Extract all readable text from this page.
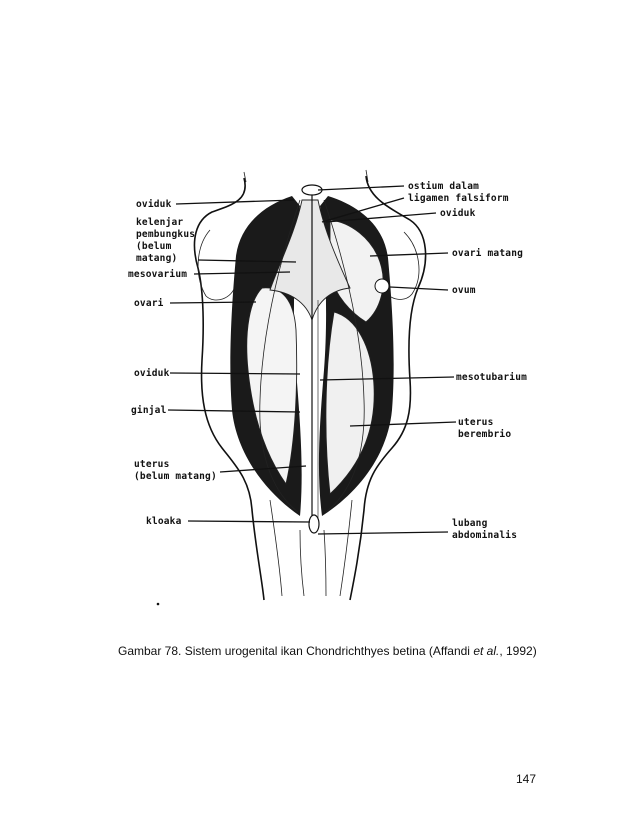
oviduk
kelenjar
pembungkus
(belum
matang)
mesovarium
ovari
oviduk
ginjal
uterus
(belum matang)
kloaka
ostium dalam
ligamen falsiform
oviduk
ovari matang
ovum
mesotubarium
uterus
berembrio
lubang
abdominalis
Gambar 78. Sistem urogenital ikan Chondrichthyes betina (Affandi et al., 1992)
147
